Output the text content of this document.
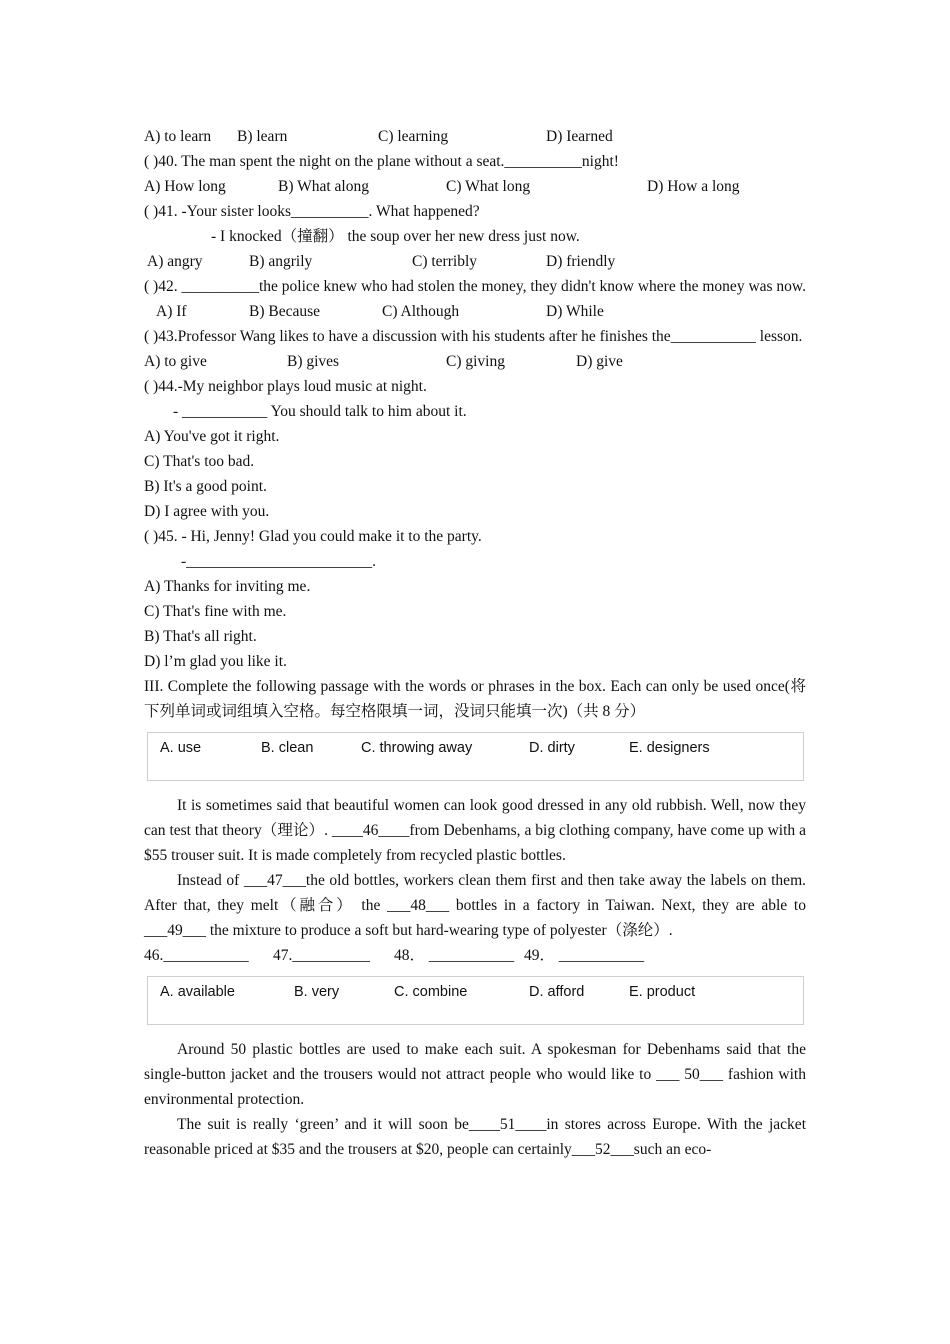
A) to learn B) learn	C) learning	D) Iearned
( )40. The man spent the night on the plane without a seat.__________night!
A) How long	B) What along	C) What long	D) How a long
( )41. -Your sister looks__________. What happened?
- I knocked（撞翻） the soup over her new dress just now.
A) angry	B) angrily	C) terribly	D) friendly
( )42. __________the police knew who had stolen the money, they didn't know where the money was now.
A) If	B) Because	C) Although	D) While
( )43.Professor Wang likes to have a discussion with his students after he finishes the___________ lesson.
A) to give	B) gives	C) giving	D) give
( )44.-My neighbor plays loud music at night.
- ___________ You should talk to him about it.
A) You've got it right.
C) That's too bad.
B) It's a good point.
D) I agree with you.
( )45. - Hi, Jenny! Glad you could make it to the party.
-________________________.
A) Thanks for inviting me.
C) That's fine with me.
B) That's all right.
D) l’m glad you like it.
III. Complete the following passage with the words or phrases in the box. Each can only be used once(将下列单词或词组填入空格。每空格限填一词，没词只能填一次)（共 8 分）
A. use	B. clean	C. throwing away	D. dirty	E. designers
It is sometimes said that beautiful women can look good dressed in any old rubbish. Well, now they can test that theory（理论）. ____46____from Debenhams, a big clothing company, have come up with a $55 trouser suit. It is made completely from recycled plastic bottles.
Instead of ___47___the old bottles, workers clean them first and then take away the labels on them. After that, they melt（融合） the ___48___ bottles in a factory in Taiwan. Next, they are able to ___49___ the mixture to produce a soft but hard-wearing type of polyester（涤纶）.
46.___________ 47.__________ 48． ___________ 49． ___________
A. available	B. very	C. combine	D. afford	E. product
Around 50 plastic bottles are used to make each suit. A spokesman for Debenhams said that the single-button jacket and the trousers would not attract people who would like to ___ 50___ fashion with environmental protection.
The suit is really ‘green’ and it will soon be____51____in stores across Europe. With the jacket reasonable priced at $35 and the trousers at $20, people can certainly___52___such an eco-
